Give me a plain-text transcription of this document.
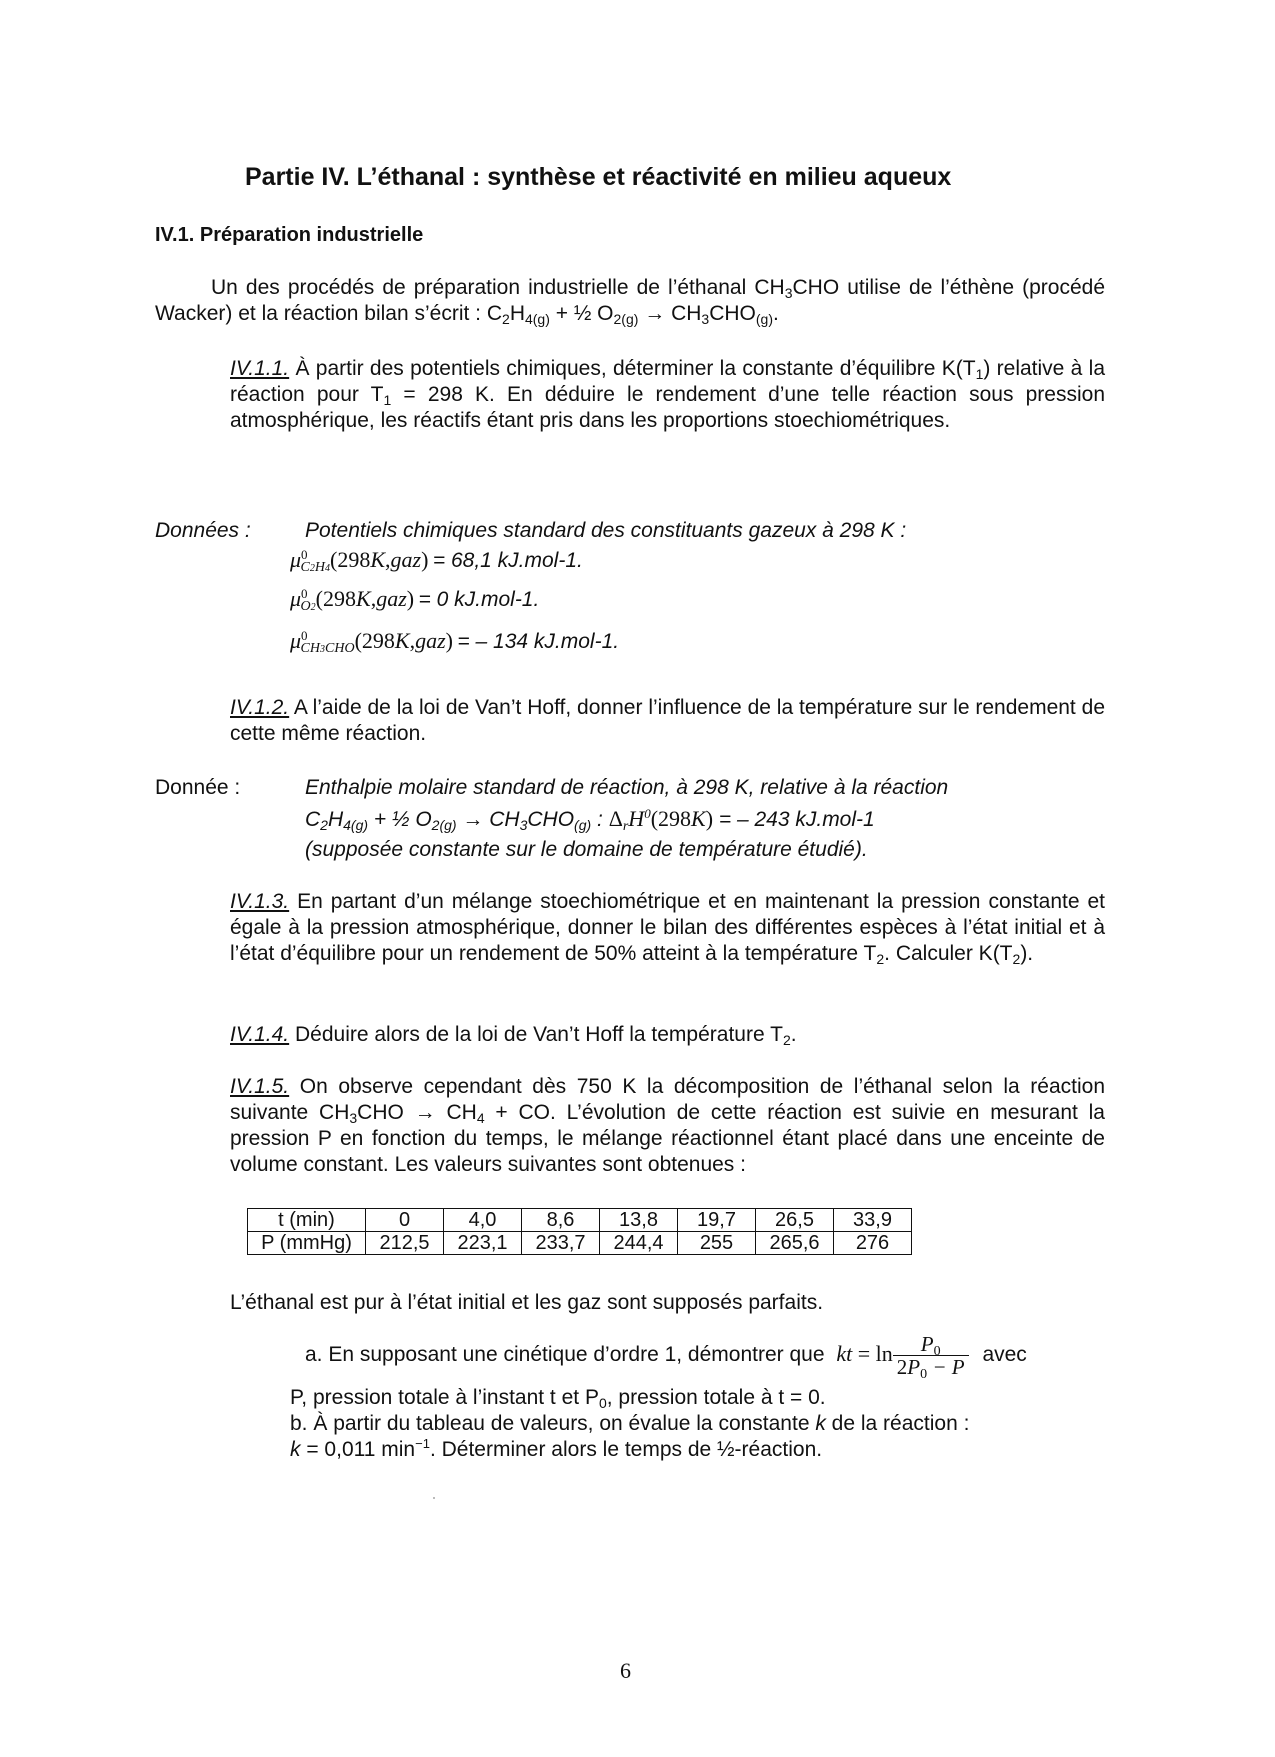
Partie IV. L’éthanal : synthèse et réactivité en milieu aqueux
IV.1. Préparation industrielle
Un des procédés de préparation industrielle de l’éthanal $CH_3CHO$ utilise de l’éthène (procédé Wacker) et la réaction bilan s’écrit : $C_2H_{4(g)}$ + ½ $O_{2(g)} \to CH_3CHO_{(g)}$.
IV.1.1. À partir des potentiels chimiques, déterminer la constante d’équilibre $K(T_1)$ relative à la réaction pour $T_1 = 298$ K. En déduire le rendement d’une telle réaction sous pression atmosphérique, les réactifs étant pris dans les proportions stoechiométriques.
Données :	Potentiels chimiques standard des constituants gazeux à 298 K :
$\mu^0_{C2H4}(298K,gaz) = 68,1$ kJ.mol-1.
$\mu^0_{O2}(298K,gaz) = 0$ kJ.mol-1.
$\mu^0_{CH3CHO}(298K,gaz)$ = – 134 kJ.mol-1.
IV.1.2. A l’aide de la loi de Van’t Hoff, donner l’influence de la température sur le rendement de cette même réaction.
Donnée :	Enthalpie molaire standard de réaction, à 298 K, relative à la réaction
$C_2H_{4(g)}$ + ½ $O_{2(g)} \to CH_3CHO_{(g)}$ : $\Delta_rH^0(298K)$ = – 243 kJ.mol-1
(supposée constante sur le domaine de température étudié).
IV.1.3. En partant d’un mélange stoechiométrique et en maintenant la pression constante et égale à la pression atmosphérique, donner le bilan des différentes espèces à l’état initial et à l’état d’équilibre pour un rendement de 50% atteint à la température $T_2$. Calculer $K(T_2)$.
IV.1.4. Déduire alors de la loi de Van’t Hoff la température $T_2$.
IV.1.5. On observe cependant dès 750 K la décomposition de l’éthanal selon la réaction suivante $CH_3CHO \to CH_4$ + CO. L’évolution de cette réaction est suivie en mesurant la pression P en fonction du temps, le mélange réactionnel étant placé dans une enceinte de volume constant. Les valeurs suivantes sont obtenues :
t (min)	0	4,0	8,6	13,8	19,7	26,5	33,9
P (mmHg)	212,5	223,1	233,7	244,4	255	265,6	276
L’éthanal est pur à l’état initial et les gaz sont supposés parfaits.
a. En supposant une cinétique d’ordre 1, démontrer que kt = $\ln \frac{P_0}{2P_0 - P}$ avec
P, pression totale à l’instant t et $P_0$, pression totale à t = 0.
b. À partir du tableau de valeurs, on évalue la constante k de la réaction :
k = 0,011 $\min^{-1}$. Déterminer alors le temps de ½-réaction.
6
